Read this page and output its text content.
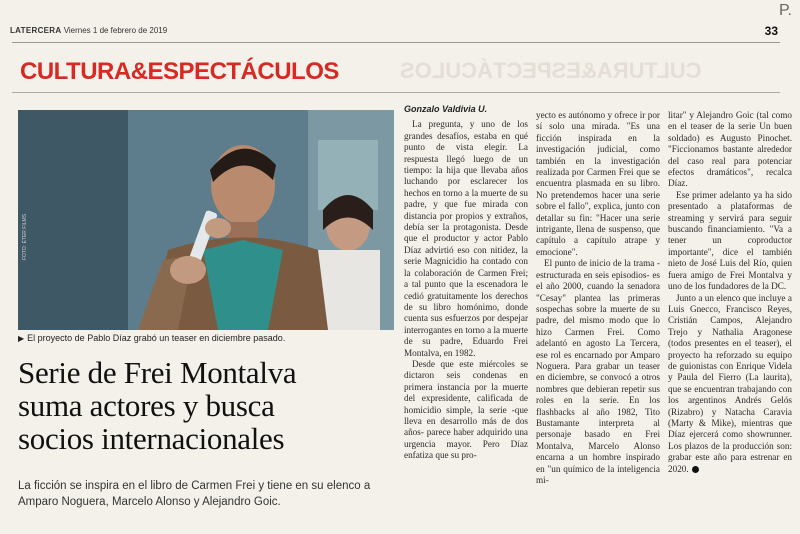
P.
LATERCERA Viernes 1 de febrero de 2019	33
CULTURA&ESPECTÁCULOS	CULTURA&ESPECTÁCULOS
FOTO: ÉTER FILMS
▶ El proyecto de Pablo Díaz grabó un teaser en diciembre pasado.
Serie de Frei Montalva
suma actores y busca
socios internacionales
La ficción se inspira en el libro de Carmen Frei y tiene en su elenco a Amparo Noguera, Marcelo Alonso y Alejandro Goic.
Gonzalo Valdivia U.

La pregunta, y uno de los grandes desafíos, estaba en qué punto de vista elegir. La respuesta llegó luego de un tiempo: la hija que llevaba años luchando por esclarecer los hechos en torno a la muerte de su padre, y que fue mirada con distancia por propios y extraños, debía ser la protagonista. Desde que el productor y actor Pablo Díaz advirtió eso con nitidez, la serie Magnicidio ha contado con la colaboración de Carmen Frei; a tal punto que la escenadora le cedió gratuitamente los derechos de su libro homónimo, donde cuenta sus esfuerzos por despejar interrogantes en torno a la muerte de su padre, Eduardo Frei Montalva, en 1982.

Desde que este miércoles se dictaron seis condenas en primera instancia por la muerte del expresidente, calificada de homicidio simple, la serie -que lleva en desarrollo más de dos años- parece haber adquirido una urgencia mayor. Pero Díaz enfatiza que su pro-

yecto es autónomo y ofrece ir por sí solo una mirada. "Es una ficción inspirada en la investigación judicial, como también en la investigación realizada por Carmen Frei que se encuentra plasmada en su libro. No pretendemos hacer una serie sobre el fallo", explica, junto con detallar su fin: "Hacer una serie intrigante, llena de suspenso, que capítulo a capítulo atrape y emocione".

El punto de inicio de la trama -estructurada en seis episodios- es el año 2000, cuando la senadora "Cesay" plantea las primeras sospechas sobre la muerte de su padre, del mismo modo que lo hizo Carmen Frei. Como adelantó en agosto La Tercera, ese rol es encarnado por Amparo Noguera. Para grabar un teaser en diciembre, se convocó a otros nombres que debieran repetir sus roles en la serie. En los flashbacks al año 1982, Tito Bustamante interpreta al personaje basado en Frei Montalva, Marcelo Alonso encarna a un hombre inspirado en "un químico de la inteligencia mi-

litar" y Alejandro Goic (tal como en el teaser de la serie Un buen soldado) es Augusto Pinochet. "Ficcionamos bastante alrededor del caso real para potenciar efectos dramáticos", recalca Díaz.

Ese primer adelanto ya ha sido presentado a plataformas de streaming y servirá para seguir buscando financiamiento. "Va a tener un coproductor importante", dice el también nieto de José Luis del Río, quien fuera amigo de Frei Montalva y uno de los fundadores de la DC.

Junto a un elenco que incluye a Luis Gnecco, Francisco Reyes, Cristián Campos, Alejandro Trejo y Nathalia Aragonese (todos presentes en el teaser), el proyecto ha reforzado su equipo de guionistas con Enrique Videla y Paula del Fierro (La laurita), que se encuentran trabajando con los argentinos Andrés Gelós (Rizabro) y Natacha Caravia (Marty & Mike), mientras que Díaz ejercerá como showrunner. Los plazos de la producción son: grabar este año para estrenar en 2020.
